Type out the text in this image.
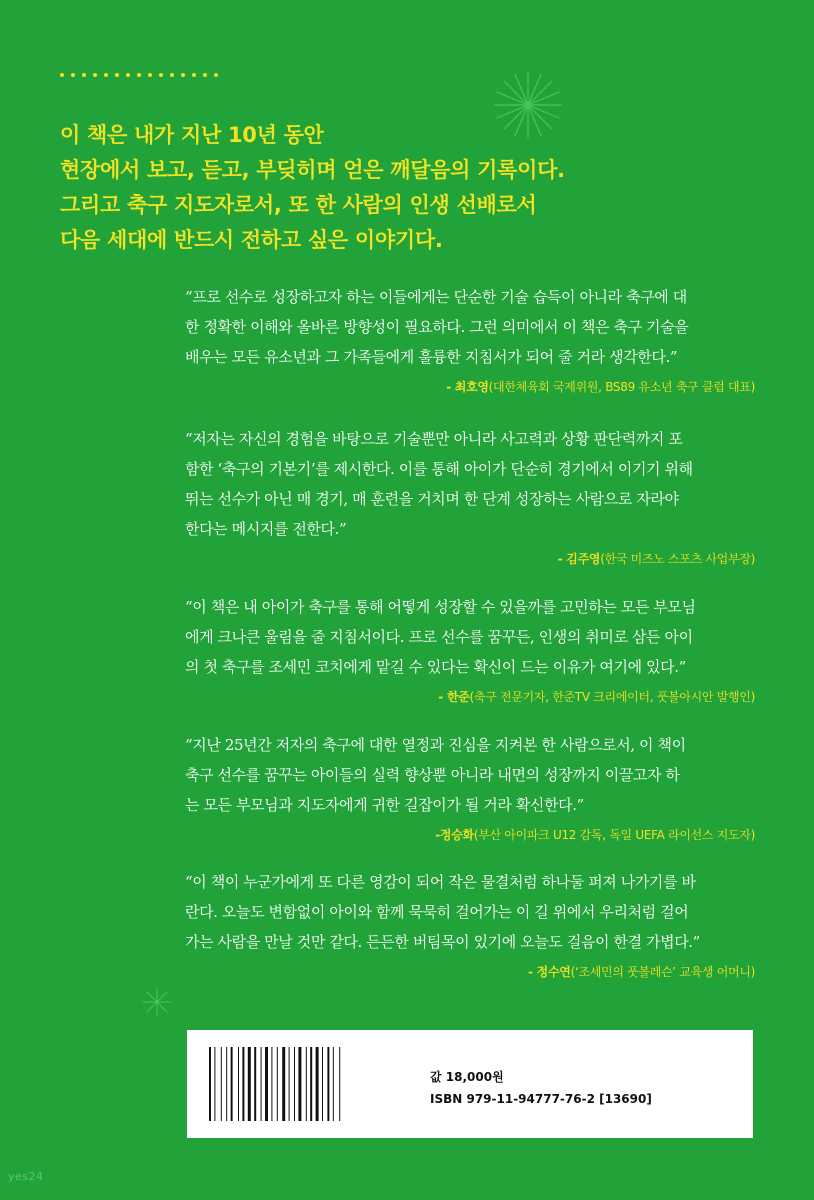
이 책은 내가 지난 10년 동안
현장에서 보고, 듣고, 부딪히며 얻은 깨달음의 기록이다.
그리고 축구 지도자로서, 또 한 사람의 인생 선배로서
다음 세대에 반드시 전하고 싶은 이야기다.
“프로 선수로 성장하고자 하는 이들에게는 단순한 기술 습득이 아니라 축구에 대
한 정확한 이해와 올바른 방향성이 필요하다. 그런 의미에서 이 책은 축구 기술을
배우는 모든 유소년과 그 가족들에게 훌륭한 지침서가 되어 줄 거라 생각한다.”
- 최호영(대한체육회 국제위원, BS89 유소년 축구 클럽 대표)
“저자는 자신의 경험을 바탕으로 기술뿐만 아니라 사고력과 상황 판단력까지 포
함한 ‘축구의 기본기’를 제시한다. 이를 통해 아이가 단순히 경기에서 이기기 위해
뛰는 선수가 아닌 매 경기, 매 훈련을 거치며 한 단계 성장하는 사람으로 자라야
한다는 메시지를 전한다.”
- 김주영(한국 미즈노 스포츠 사업부장)
“이 책은 내 아이가 축구를 통해 어떻게 성장할 수 있을까를 고민하는 모든 부모님
에게 크나큰 울림을 줄 지침서이다. 프로 선수를 꿈꾸든, 인생의 취미로 삼든 아이
의 첫 축구를 조세민 코치에게 맡길 수 있다는 확신이 드는 이유가 여기에 있다.”
- 한준(축구 전문기자, 한준TV 크리에이터, 풋볼아시안 발행인)
“지난 25년간 저자의 축구에 대한 열정과 진심을 지켜본 한 사람으로서, 이 책이
축구 선수를 꿈꾸는 아이들의 실력 향상뿐 아니라 내면의 성장까지 이끌고자 하
는 모든 부모님과 지도자에게 귀한 길잡이가 될 거라 확신한다.”
-정승화(부산 아이파크 U12 감독, 독일 UEFA 라이선스 지도자)
“이 책이 누군가에게 또 다른 영감이 되어 작은 물결처럼 하나둘 퍼져 나가기를 바
란다. 오늘도 변함없이 아이와 함께 묵묵히 걸어가는 이 길 위에서 우리처럼 걸어
가는 사람을 만날 것만 같다. 든든한 버팀목이 있기에 오늘도 걸음이 한결 가볍다.”
- 정수연(‘조세민의 풋볼레슨’ 교육생 어머니)
값 18,000원
ISBN 979-11-94777-76-2 [13690]
yes24
